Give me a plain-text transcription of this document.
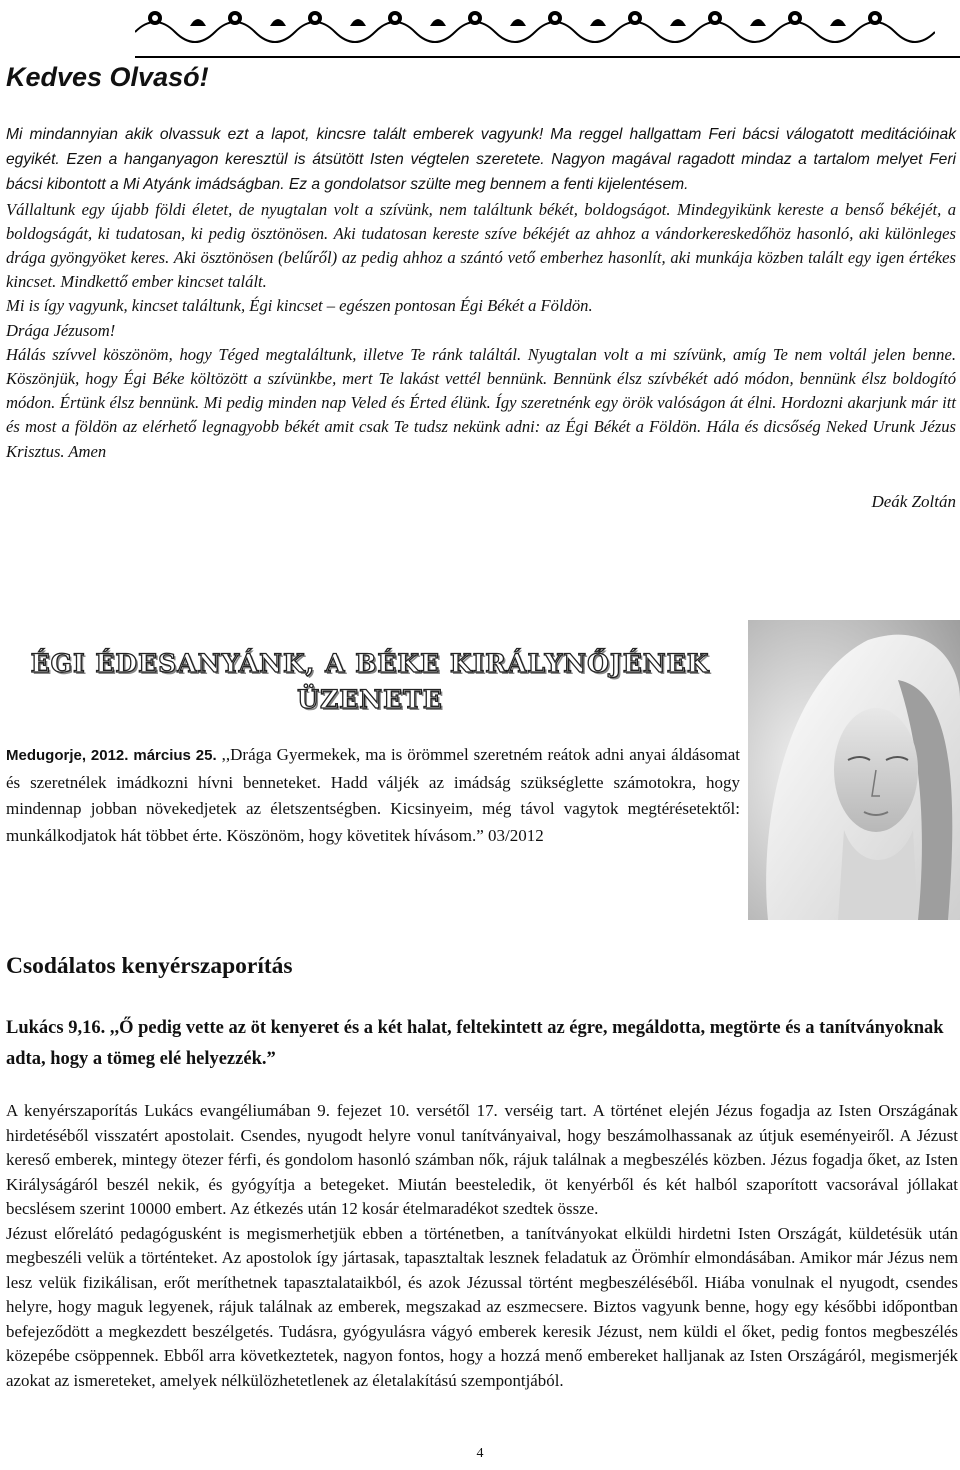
Kedves Olvasó!

Mi mindannyian akik olvassuk ezt a lapot, kincsre talált emberek vagyunk! Ma reggel hallgattam Feri bácsi válogatott meditációinak egyikét. Ezen a hanganyagon keresztül is átsütött Isten végtelen szeretete. Nagyon magával ragadott mindaz a tartalom melyet Feri bácsi kibontott a Mi Atyánk imádságban. Ez a gondolatsor szülte meg bennem a fenti kijelentésem.

Vállaltunk egy újabb földi életet, de nyugtalan volt a szívünk, nem találtunk békét, boldogságot. Mindegyikünk kereste a benső békéjét, a boldogságát, ki tudatosan, ki pedig ösztönösen. Aki tudatosan kereste szíve békéjét az ahhoz a vándorkereskedőhöz hasonló, aki különleges drága gyöngyöket keres. Aki ösztönösen (belűről) az pedig ahhoz a szántó vető emberhez hasonlít, aki munkája közben talált egy igen értékes kincset. Mindkettő ember kincset talált.

Mi is így vagyunk, kincset találtunk, Égi kincset – egészen pontosan Égi Békét a Földön.

Drága Jézusom!

Hálás szívvel köszönöm, hogy Téged megtaláltunk, illetve Te ránk találtál. Nyugtalan volt a mi szívünk, amíg Te nem voltál jelen benne. Köszönjük, hogy Égi Béke költözött a szívünkbe, mert Te lakást vettél bennünk. Bennünk élsz szívbékét adó módon, bennünk élsz boldogító módon. Értünk élsz bennünk. Mi pedig minden nap Veled és Érted élünk. Így szeretnénk egy örök valóságon át élni. Hordozni akarjunk már itt és most a földön az elérhető legnagyobb békét amit csak Te tudsz nekünk adni: az Égi Békét a Földön. Hála és dicsőség Neked Urunk Jézus Krisztus. Amen

Deák Zoltán

ÉGI ÉDESANYÁNK, A BÉKE KIRÁLYNŐJÉNEK
ÜZENETE

Medugorje, 2012. március 25. ,,Drága Gyermekek, ma is örömmel szeretném reátok adni anyai áldásomat és szeretnélek imádkozni hívni benneteket. Hadd váljék az imádság szükséglette számotokra, hogy mindennap jobban növekedjetek az életszentségben. Kicsinyeim, még távol vagytok megtérésetektől: munkálkodjatok hát többet érte. Köszönöm, hogy követitek hívásom.” 03/2012

Csodálatos kenyérszaporítás

Lukács 9,16. ,,Ő pedig vette az öt kenyeret és a két halat, feltekintett az égre, megáldotta, megtörte és a tanítványoknak adta, hogy a tömeg elé helyezzék.”

A kenyérszaporítás Lukács evangéliumában 9. fejezet 10. versétől 17. verséig tart. A történet elején Jézus fogadja az Isten Országának hirdetéséből visszatért apostolait. Csendes, nyugodt helyre vonul tanítványaival, hogy beszámolhassanak az útjuk eseményeiről. A Jézust kereső emberek, mintegy ötezer férfi, és gondolom hasonló számban nők, rájuk találnak a megbeszélés közben. Jézus fogadja őket, az Isten Királyságáról beszél nekik, és gyógyítja a betegeket. Miután beesteledik, öt kenyérből és két halból szaporított vacsorával jóllakat becslésem szerint 10000 embert. Az étkezés után 12 kosár ételmaradékot szedtek össze.

Jézust előrelátó pedagógusként is megismerhetjük ebben a történetben, a tanítványokat elküldi hirdetni Isten Országát, küldetésük után megbeszéli velük a történteket. Az apostolok így jártasak, tapasztaltak lesznek feladatuk az Örömhír elmondásában. Amikor már Jézus nem lesz velük fizikálisan, erőt meríthetnek tapasztalataikból, és azok Jézussal történt megbeszéléséből. Hiába vonulnak el nyugodt, csendes helyre, hogy maguk legyenek, rájuk találnak az emberek, megszakad az eszmecsere. Biztos vagyunk benne, hogy egy későbbi időpontban befejeződött a megkezdett beszélgetés. Tudásra, gyógyulásra vágyó emberek keresik Jézust, nem küldi el őket, pedig fontos megbeszélés közepébe csöppennek. Ebből arra következtetek, nagyon fontos, hogy a hozzá menő embereket halljanak az Isten Országáról, megismerjék azokat az ismereteket, amelyek nélkülözhetetlenek az életalakítású szempontjából.

4
